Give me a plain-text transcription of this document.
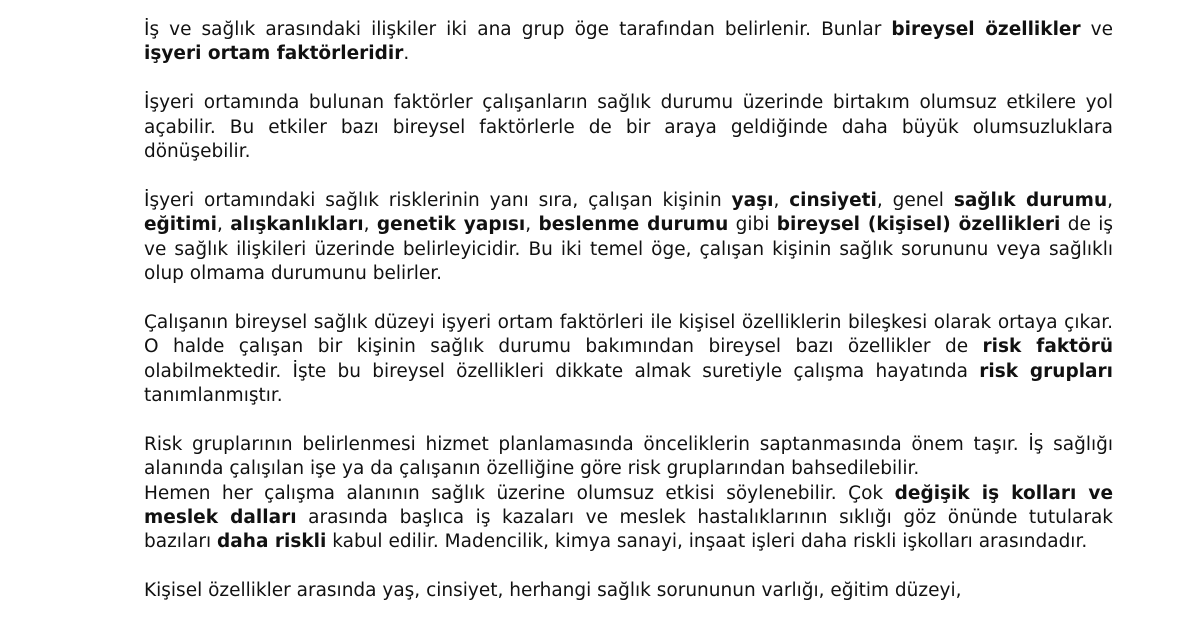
İş ve sağlık arasındaki ilişkiler iki ana grup öge tarafından belirlenir. Bunlar bireysel özellikler ve işyeri ortam faktörleridir.

İşyeri ortamında bulunan faktörler çalışanların sağlık durumu üzerinde birtakım olumsuz etkilere yol açabilir. Bu etkiler bazı bireysel faktörlerle de bir araya geldiğinde daha büyük olumsuzluklara dönüşebilir.

İşyeri ortamındaki sağlık risklerinin yanı sıra, çalışan kişinin yaşı, cinsiyeti, genel sağlık durumu, eğitimi, alışkanlıkları, genetik yapısı, beslenme durumu gibi bireysel (kişisel) özellikleri de iş ve sağlık ilişkileri üzerinde belirleyicidir. Bu iki temel öge, çalışan kişinin sağlık sorununu veya sağlıklı olup olmama durumunu belirler.

Çalışanın bireysel sağlık düzeyi işyeri ortam faktörleri ile kişisel özelliklerin bileşkesi olarak ortaya çıkar. O halde çalışan bir kişinin sağlık durumu bakımından bireysel bazı özellikler de risk faktörü olabilmektedir. İşte bu bireysel özellikleri dikkate almak suretiyle çalışma hayatında risk grupları tanımlanmıştır.

Risk gruplarının belirlenmesi hizmet planlamasında önceliklerin saptanmasında önem taşır. İş sağlığı alanında çalışılan işe ya da çalışanın özelliğine göre risk gruplarından bahsedilebilir.

Hemen her çalışma alanının sağlık üzerine olumsuz etkisi söylenebilir. Çok değişik iş kolları ve meslek dalları arasında başlıca iş kazaları ve meslek hastalıklarının sıklığı göz önünde tutularak bazıları daha riskli kabul edilir. Madencilik, kimya sanayi, inşaat işleri daha riskli işkolları arasındadır.

Kişisel özellikler arasında yaş, cinsiyet, herhangi sağlık sorununun varlığı, eğitim düzeyi,
